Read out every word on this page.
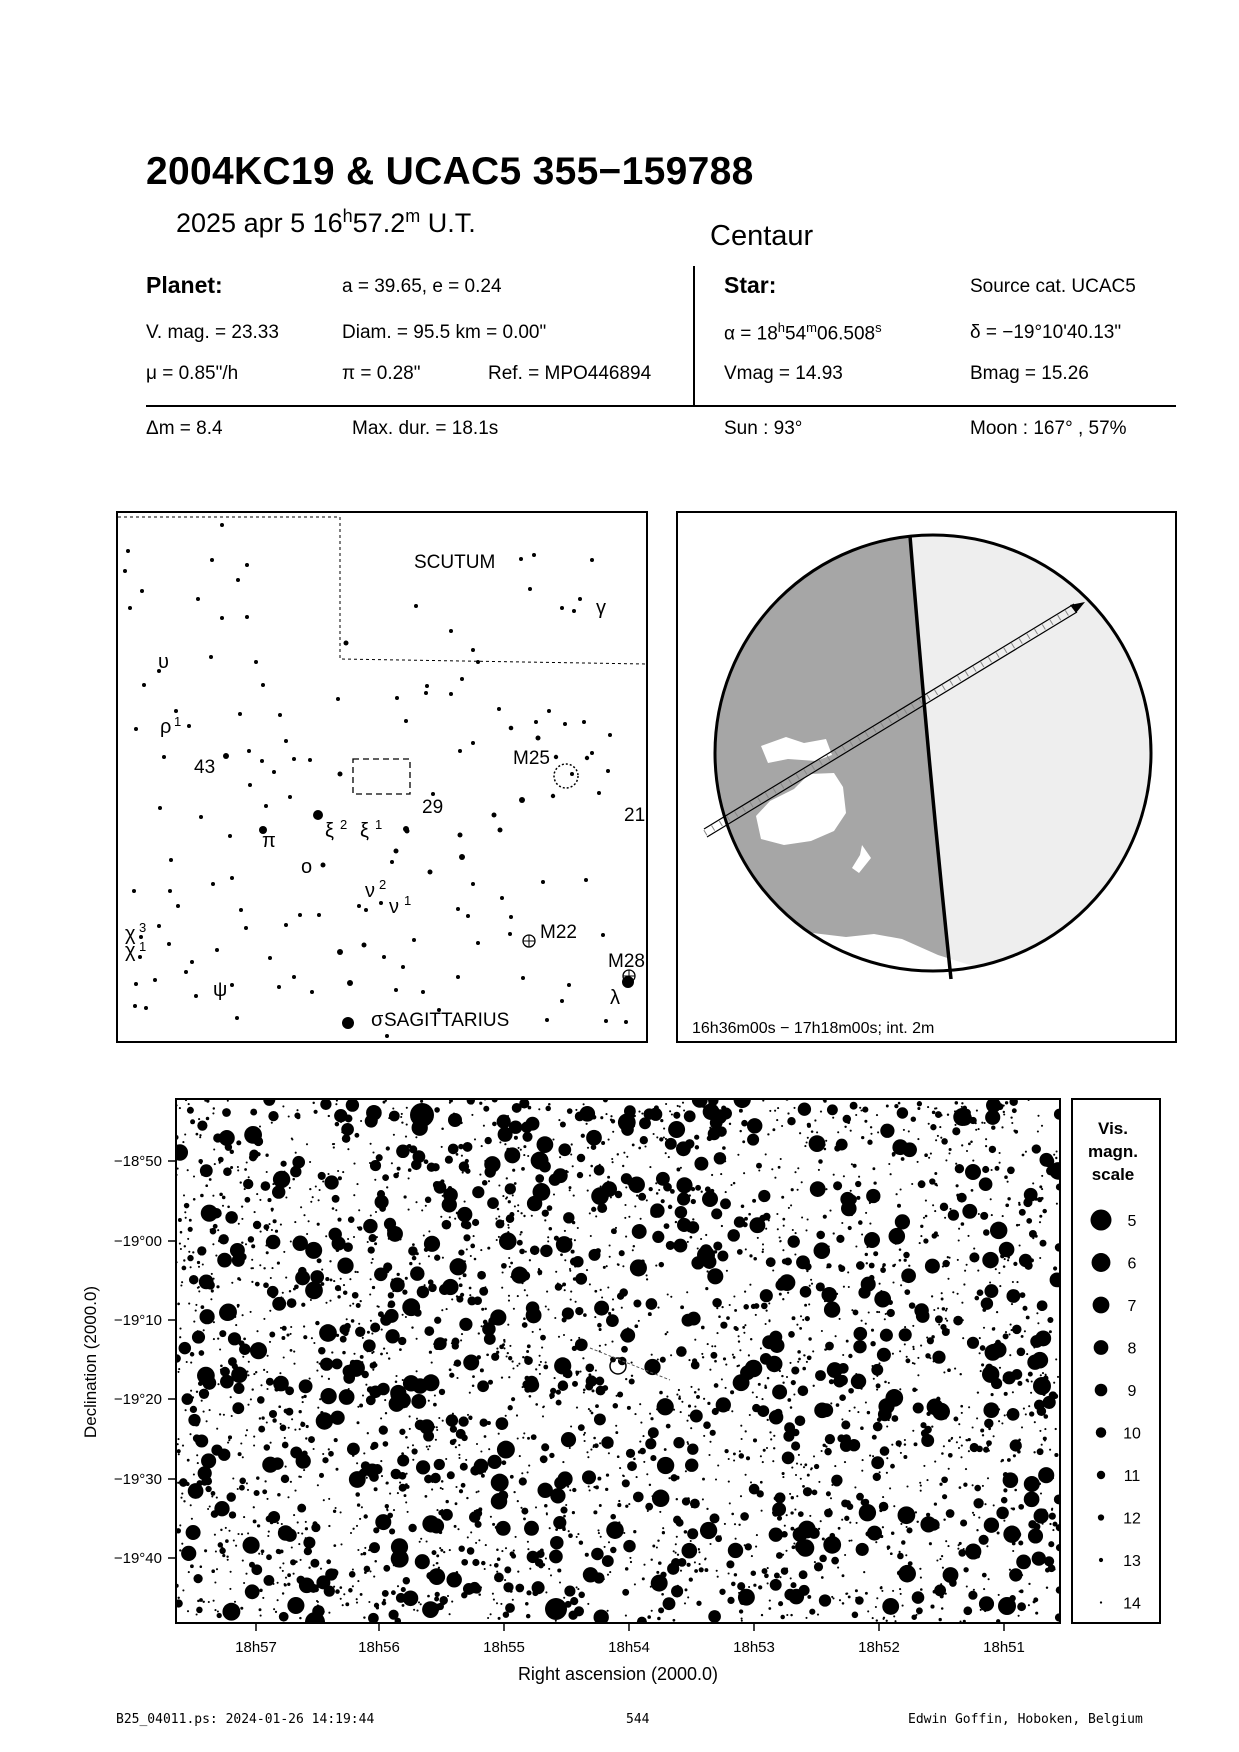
2004KC19 & UCAC5 355−159788
2025 apr 5 16$^h$57.2$^m$ U.T.	Centaur
Planet:	a = 39.65, e = 0.24
V. mag. = 23.33	Diam. = 95.5 km = 0.00"
μ = 0.85"/h	π = 0.28"	Ref. = MPO446894
Star:	Source cat. UCAC5
$\alpha = 18^h54^m06.508^s$	δ = −19°10'40.13"
Vmag = 14.93	Bmag = 15.26
Δm = 8.4	Max. dur. = 18.1s	Sun : 93°	Moon : 167° , 57%
SCUTUM
γ
υ
ρ 1
43	M25
29	21
ξ 2 ξ 1
π
o
ν 2
ν 1
χ 3
χ 1
M22
M28
ψ	λ
σ SAGITTARIUS	16h36m00s − 17h18m00s; int. 2m
−18°50
−19°00
−19°10
−19°20
−19°30
−19°40
18h57	18h56	18h55	18h54	18h53	18h52	18h51
Declination (2000.0)
Right ascension (2000.0)
Vis.
magn.
scale
5
6
7
8
9
10
11
12
13
14
B25_04011.ps: 2024-01-26 14:19:44	544	Edwin Goffin, Hoboken, Belgium
